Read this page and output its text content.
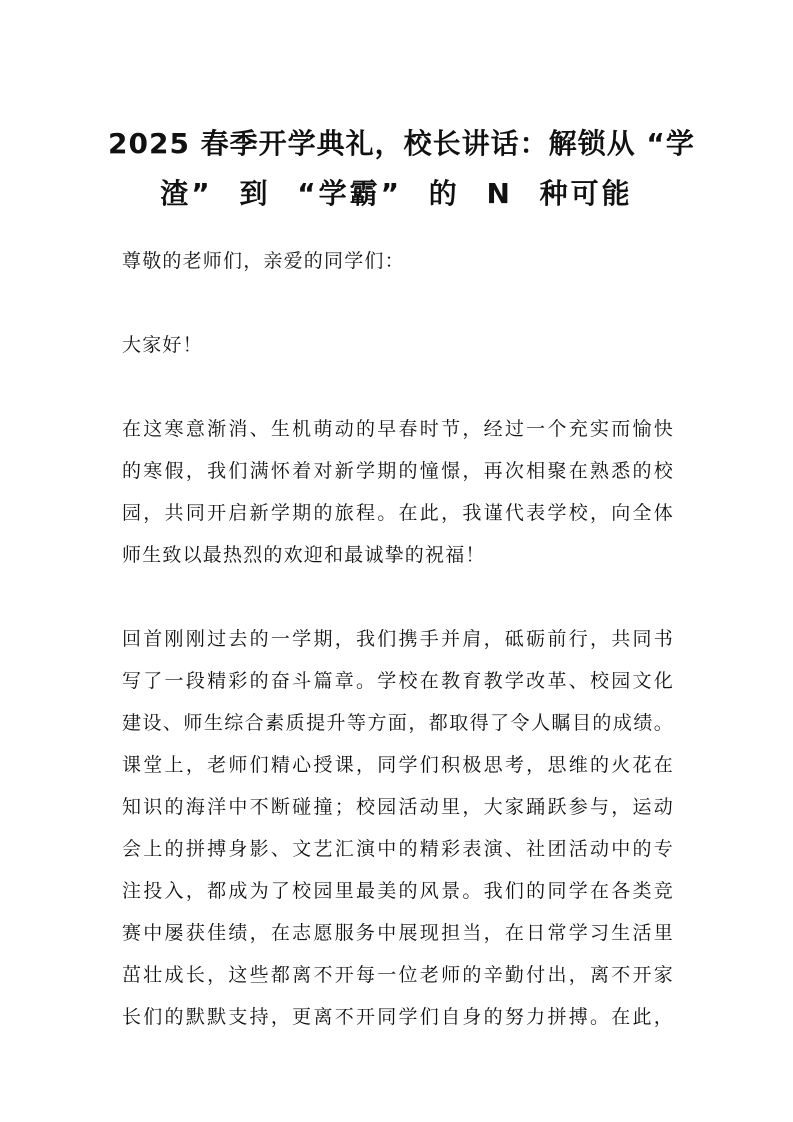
2025 春季开学典礼，校长讲话：解锁从 “学
渣” 到 “学霸” 的 N 种可能
尊敬的老师们，亲爱的同学们：
大家好！
在这寒意渐消、生机萌动的早春时节，经过一个充实而愉快
的寒假，我们满怀着对新学期的憧憬，再次相聚在熟悉的校
园，共同开启新学期的旅程。在此，我谨代表学校，向全体
师生致以最热烈的欢迎和最诚挚的祝福！
回首刚刚过去的一学期，我们携手并肩，砥砺前行，共同书
写了一段精彩的奋斗篇章。学校在教育教学改革、校园文化
建设、师生综合素质提升等方面，都取得了令人瞩目的成绩。
课堂上，老师们精心授课，同学们积极思考，思维的火花在
知识的海洋中不断碰撞；校园活动里，大家踊跃参与，运动
会上的拼搏身影、文艺汇演中的精彩表演、社团活动中的专
注投入，都成为了校园里最美的风景。我们的同学在各类竞
赛中屡获佳绩，在志愿服务中展现担当，在日常学习生活里
茁壮成长，这些都离不开每一位老师的辛勤付出，离不开家
长们的默默支持，更离不开同学们自身的努力拼搏。在此，
